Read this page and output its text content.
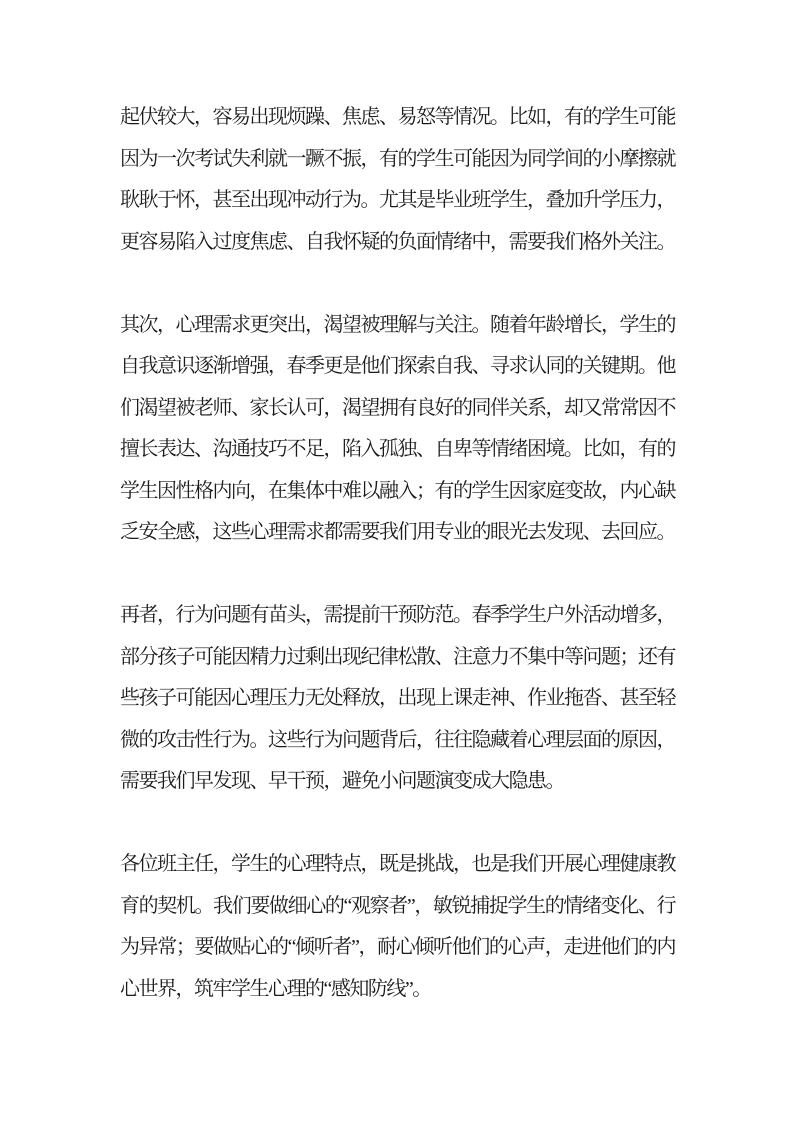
起伏较大，容易出现烦躁、焦虑、易怒等情况。比如，有的学生可能因为一次考试失利就一蹶不振，有的学生可能因为同学间的小摩擦就耿耿于怀，甚至出现冲动行为。尤其是毕业班学生，叠加升学压力，更容易陷入过度焦虑、自我怀疑的负面情绪中，需要我们格外关注。

其次，心理需求更突出，渴望被理解与关注。随着年龄增长，学生的自我意识逐渐增强，春季更是他们探索自我、寻求认同的关键期。他们渴望被老师、家长认可，渴望拥有良好的同伴关系，却又常常因不擅长表达、沟通技巧不足，陷入孤独、自卑等情绪困境。比如，有的学生因性格内向，在集体中难以融入；有的学生因家庭变故，内心缺乏安全感，这些心理需求都需要我们用专业的眼光去发现、去回应。

再者，行为问题有苗头，需提前干预防范。春季学生户外活动增多，部分孩子可能因精力过剩出现纪律松散、注意力不集中等问题；还有些孩子可能因心理压力无处释放，出现上课走神、作业拖沓、甚至轻微的攻击性行为。这些行为问题背后，往往隐藏着心理层面的原因，需要我们早发现、早干预，避免小问题演变成大隐患。

各位班主任，学生的心理特点，既是挑战，也是我们开展心理健康教育的契机。我们要做细心的“观察者”，敏锐捕捉学生的情绪变化、行为异常；要做贴心的“倾听者”，耐心倾听他们的心声，走进他们的内心世界，筑牢学生心理的“感知防线”。
